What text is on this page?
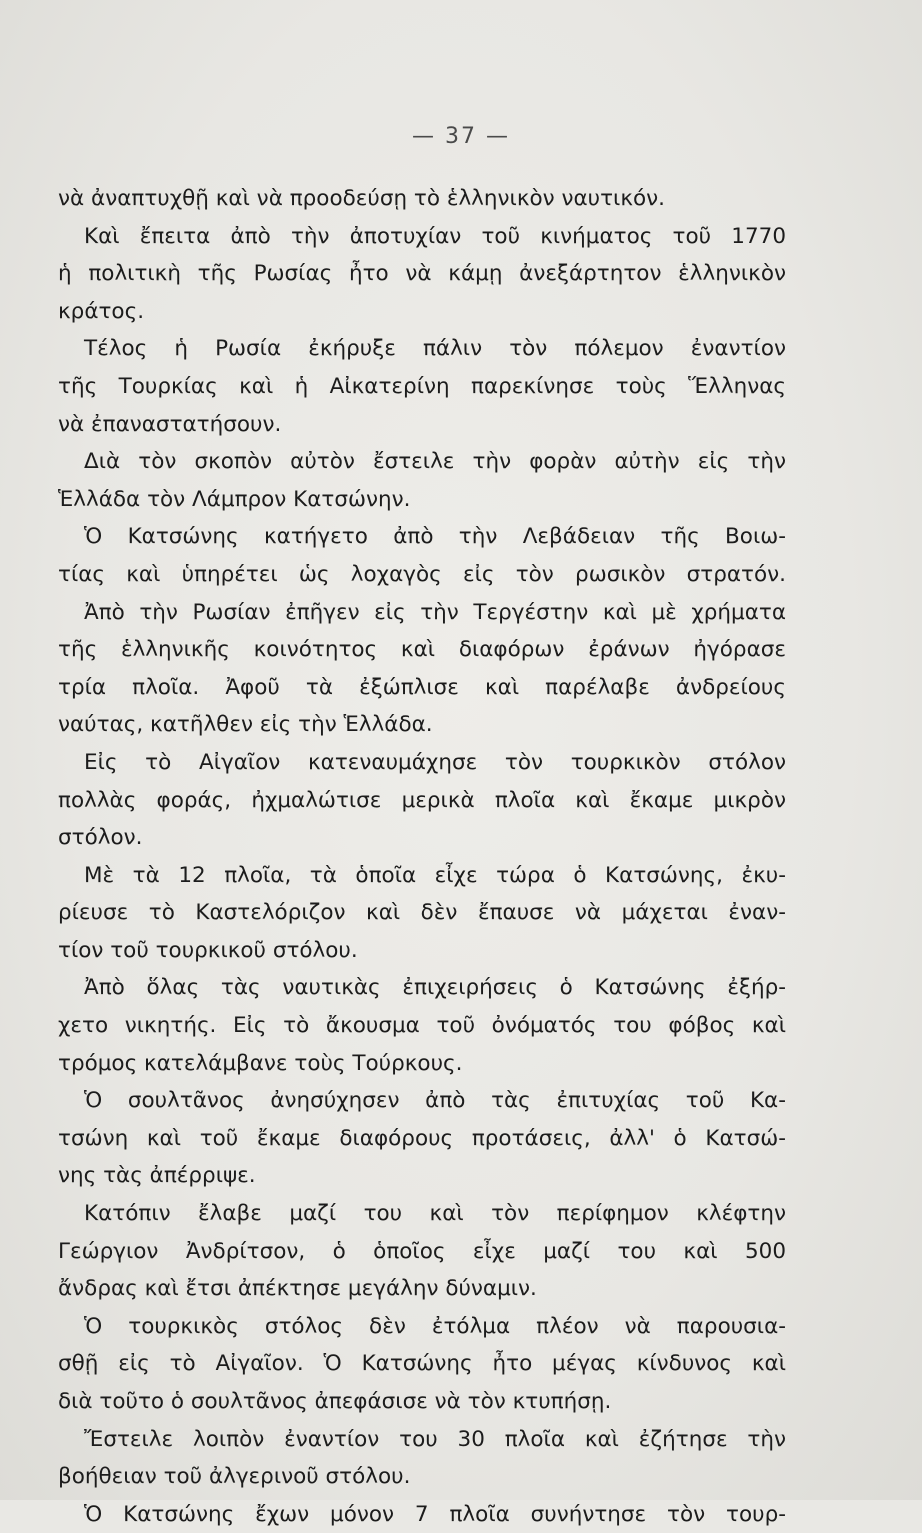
— 37 —
νὰ ἀναπτυχθῇ καὶ νὰ προοδεύσῃ τὸ ἑλληνικὸν ναυτικόν.
Καὶ ἔπειτα ἀπὸ τὴν ἀποτυχίαν τοῦ κινήματος τοῦ 1770
ἡ πολιτικὴ τῆς Ρωσίας ἦτο νὰ κάμῃ ἀνεξάρτητον ἑλληνικὸν
κράτος.
Τέλος ἡ Ρωσία ἐκήρυξε πάλιν τὸν πόλεμον ἐναντίον
τῆς Τουρκίας καὶ ἡ Αἰκατερίνη παρεκίνησε τοὺς Ἕλληνας
νὰ ἐπαναστατήσουν.
Διὰ τὸν σκοπὸν αὐτὸν ἔστειλε τὴν φορὰν αὐτὴν εἰς τὴν
Ἑλλάδα τὸν Λάμπρον Κατσώνην.
Ὁ Κατσώνης κατήγετο ἀπὸ τὴν Λεβάδειαν τῆς Βοιω-
τίας καὶ ὑπηρέτει ὡς λοχαγὸς εἰς τὸν ρωσικὸν στρατόν.
Ἀπὸ τὴν Ρωσίαν ἐπῆγεν εἰς τὴν Τεργέστην καὶ μὲ χρήματα
τῆς ἑλληνικῆς κοινότητος καὶ διαφόρων ἐράνων ἠγόρασε
τρία πλοῖα. Ἀφοῦ τὰ ἐξώπλισε καὶ παρέλαβε ἀνδρείους
ναύτας, κατῆλθεν εἰς τὴν Ἑλλάδα.
Εἰς τὸ Αἰγαῖον κατεναυμάχησε τὸν τουρκικὸν στόλον
πολλὰς φοράς, ἠχμαλώτισε μερικὰ πλοῖα καὶ ἔκαμε μικρὸν
στόλον.
Μὲ τὰ 12 πλοῖα, τὰ ὁποῖα εἶχε τώρα ὁ Κατσώνης, ἐκυ-
ρίευσε τὸ Καστελόριζον καὶ δὲν ἔπαυσε νὰ μάχεται ἐναν-
τίον τοῦ τουρκικοῦ στόλου.
Ἀπὸ ὅλας τὰς ναυτικὰς ἐπιχειρήσεις ὁ Κατσώνης ἐξήρ-
χετο νικητής. Εἰς τὸ ἄκουσμα τοῦ ὀνόματός του φόβος καὶ
τρόμος κατελάμβανε τοὺς Τούρκους.
Ὁ σουλτᾶνος ἀνησύχησεν ἀπὸ τὰς ἐπιτυχίας τοῦ Κα-
τσώνη καὶ τοῦ ἔκαμε διαφόρους προτάσεις, ἀλλ' ὁ Κατσώ-
νης τὰς ἀπέρριψε.
Κατόπιν ἔλαβε μαζί του καὶ τὸν περίφημον κλέφτην
Γεώργιον Ἀνδρίτσον, ὁ ὁποῖος εἶχε μαζί του καὶ 500
ἄνδρας καὶ ἔτσι ἀπέκτησε μεγάλην δύναμιν.
Ὁ τουρκικὸς στόλος δὲν ἐτόλμα πλέον νὰ παρουσια-
σθῇ εἰς τὸ Αἰγαῖον. Ὁ Κατσώνης ἦτο μέγας κίνδυνος καὶ
διὰ τοῦτο ὁ σουλτᾶνος ἀπεφάσισε νὰ τὸν κτυπήσῃ.
Ἔστειλε λοιπὸν ἐναντίον του 30 πλοῖα καὶ ἐζήτησε τὴν
βοήθειαν τοῦ ἀλγερινοῦ στόλου.
Ὁ Κατσώνης ἔχων μόνον 7 πλοῖα συνήντησε τὸν τουρ-
